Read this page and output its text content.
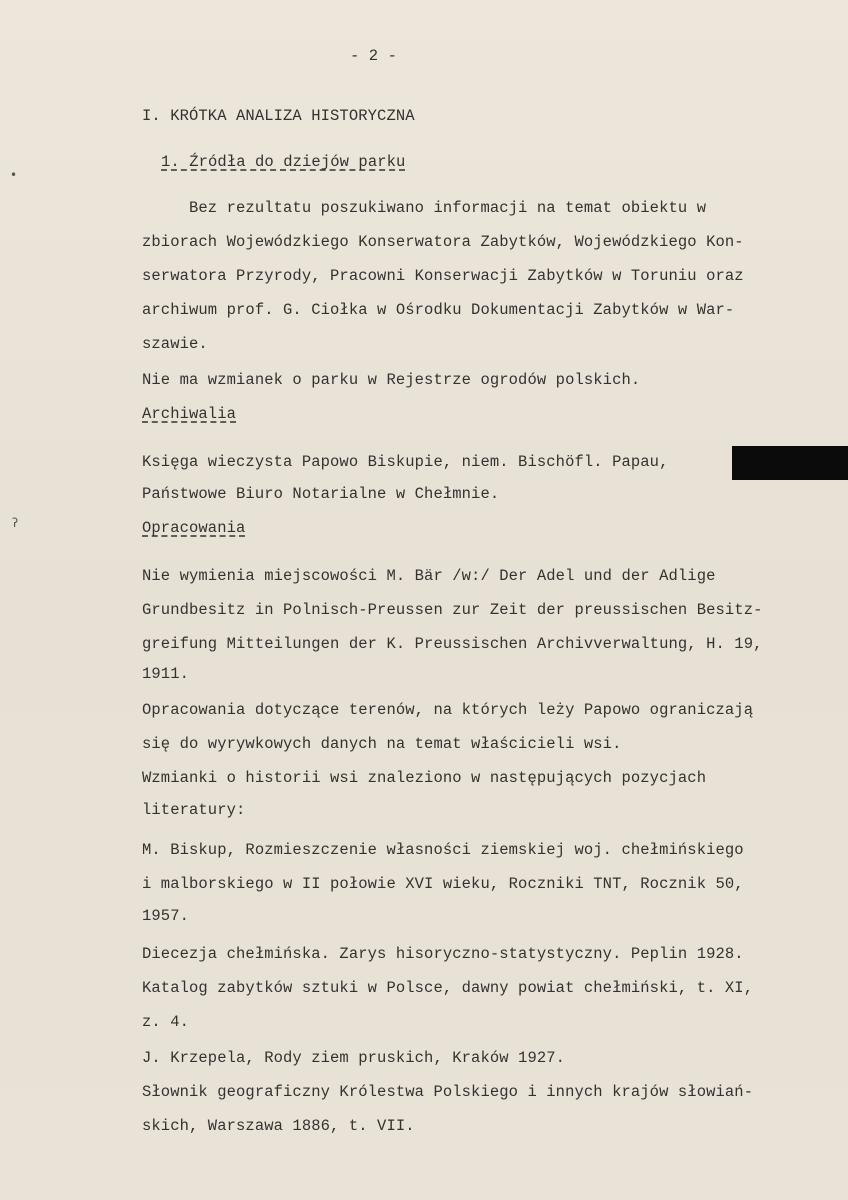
- 2 -
I. KRÓTKA ANALIZA HISTORYCZNA
1. Źródła do dziejów parku
Bez rezultatu poszukiwano informacji na temat obiektu w
zbiorach Wojewódzkiego Konserwatora Zabytków, Wojewódzkiego Kon-
serwatora Przyrody, Pracowni Konserwacji Zabytków w Toruniu oraz
archiwum prof. G. Ciołka w Ośrodku Dokumentacji Zabytków w War-
szawie.
Nie ma wzmianek o parku w Rejestrze ogrodów polskich.
Archiwalia
Księga wieczysta Papowo Biskupie, niem. Bischöfl. Papau,
Państwowe Biuro Notarialne w Chełmnie.
Opracowania
Nie wymienia miejscowości M. Bär /w:/ Der Adel und der Adlige
Grundbesitz in Polnisch-Preussen zur Zeit der preussischen Besitz-
greifung Mitteilungen der K. Preussischen Archivverwaltung, H. 19,
1911.
Opracowania dotyczące terenów, na których leży Papowo ograniczają
się do wyrywkowych danych na temat właścicieli wsi.
Wzmianki o historii wsi znaleziono w następujących pozycjach
literatury:
M. Biskup, Rozmieszczenie własności ziemskiej woj. chełmińskiego
i malborskiego w II połowie XVI wieku, Roczniki TNT, Rocznik 50,
1957.
Diecezja chełmińska. Zarys hisoryczno-statystyczny. Peplin 1928.
Katalog zabytków sztuki w Polsce, dawny powiat chełmiński, t. XI,
z. 4.
J. Krzepela, Rody ziem pruskich, Kraków 1927.
Słownik geograficzny Królestwa Polskiego i innych krajów słowiań-
skich, Warszawa 1886, t. VII.
•
ʔ
